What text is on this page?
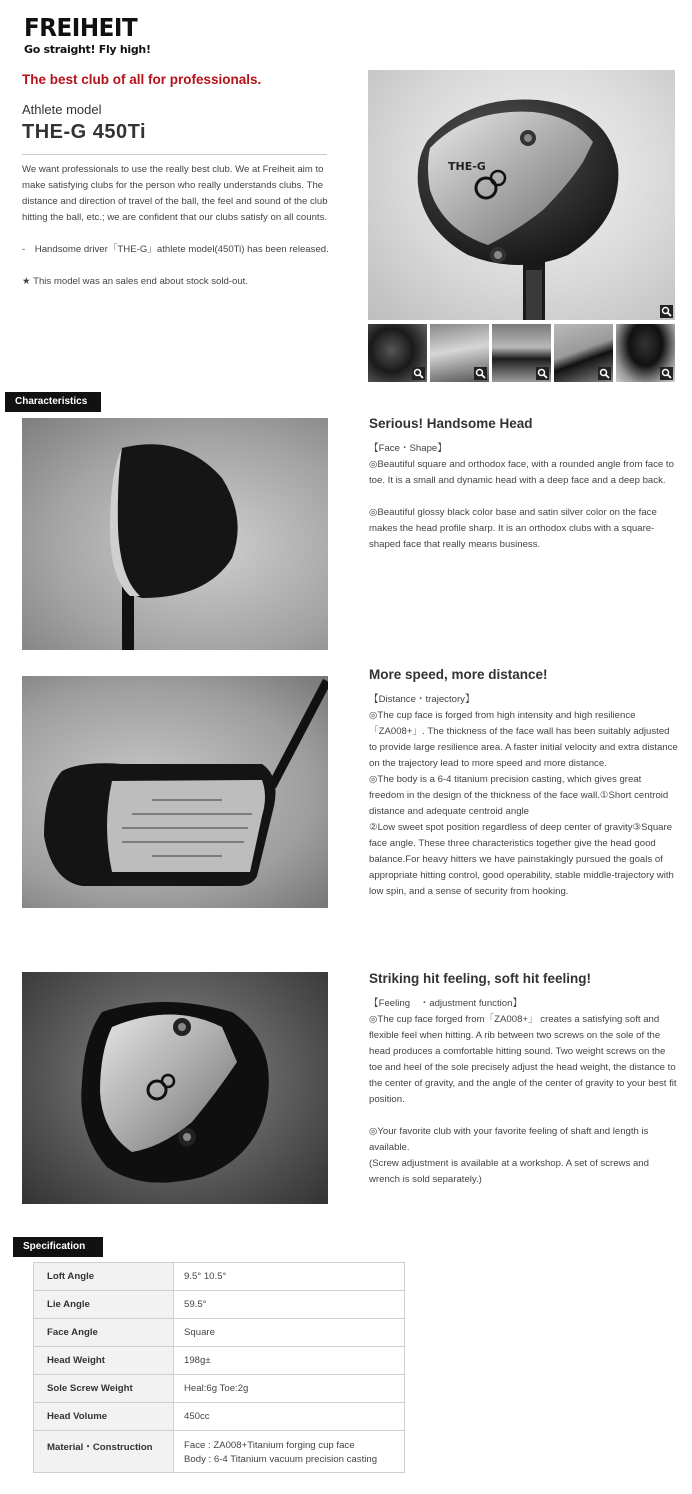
FREIHEIT
Go straight! Fly high!
The best club of all for professionals.
Athlete model
THE-G 450Ti

We want professionals to use the really best club. We at Freiheit aim to make satisfying clubs for the person who really understands clubs. The distance and direction of travel of the ball, the feel and sound of the club hitting the ball, etc.; we are confident that our clubs satisfy on all counts.

-　Handsome driver「THE-G」athlete model(450Ti) has been released.

★ This model was an sales end about stock sold-out.

THE-G
Characteristics
Serious! Handsome Head
【Face・Shape】
◎Beautiful square and orthodox face, with a rounded angle from face to toe. It is a small and dynamic head with a deep face and a deep back.

◎Beautiful glossy black color base and satin silver color on the face makes the head profile sharp. It is an orthodox clubs with a square-shaped face that really means business.
More speed, more distance!
【Distance・trajectory】
◎The cup face is forged from high intensity and high resilience「ZA008+」. The thickness of the face wall has been suitably adjusted to provide large resilience area. A faster initial velocity and extra distance on the trajectory lead to more speed and more distance.
◎The body is a 6-4 titanium precision casting, which gives great freedom in the design of the thickness of the face wall.①Short centroid distance and adequate centroid angle
②Low sweet spot position regardless of deep center of gravity③Square face angle. These three characteristics together give the head good balance.For heavy hitters we have painstakingly pursued the goals of appropriate hitting control, good operability, stable middle-trajectory with low spin, and a sense of security from hooking.
Striking hit feeling, soft hit feeling!
【Feeling　・adjustment function】
◎The cup face forged from「ZA008+」 creates a satisfying soft and flexible feel when hitting. A rib between two screws on the sole of the head produces a comfortable hitting sound. Two weight screws on the toe and heel of the sole precisely adjust the head weight, the distance to the center of gravity, and the angle of the center of gravity to your best fit position.

◎Your favorite club with your favorite feeling of shaft and length is available.
(Screw adjustment is available at a workshop. A set of screws and wrench is sold separately.)
Specification
Loft Angle	9.5° 10.5°
Lie Angle	59.5°
Face Angle	Square
Head Weight	198g±
Sole Screw Weight	Heal:6g Toe:2g
Head Volume	450cc
Material・Construction	Face : ZA008+Titanium forging cup face
Body : 6-4 Titanium vacuum precision casting
